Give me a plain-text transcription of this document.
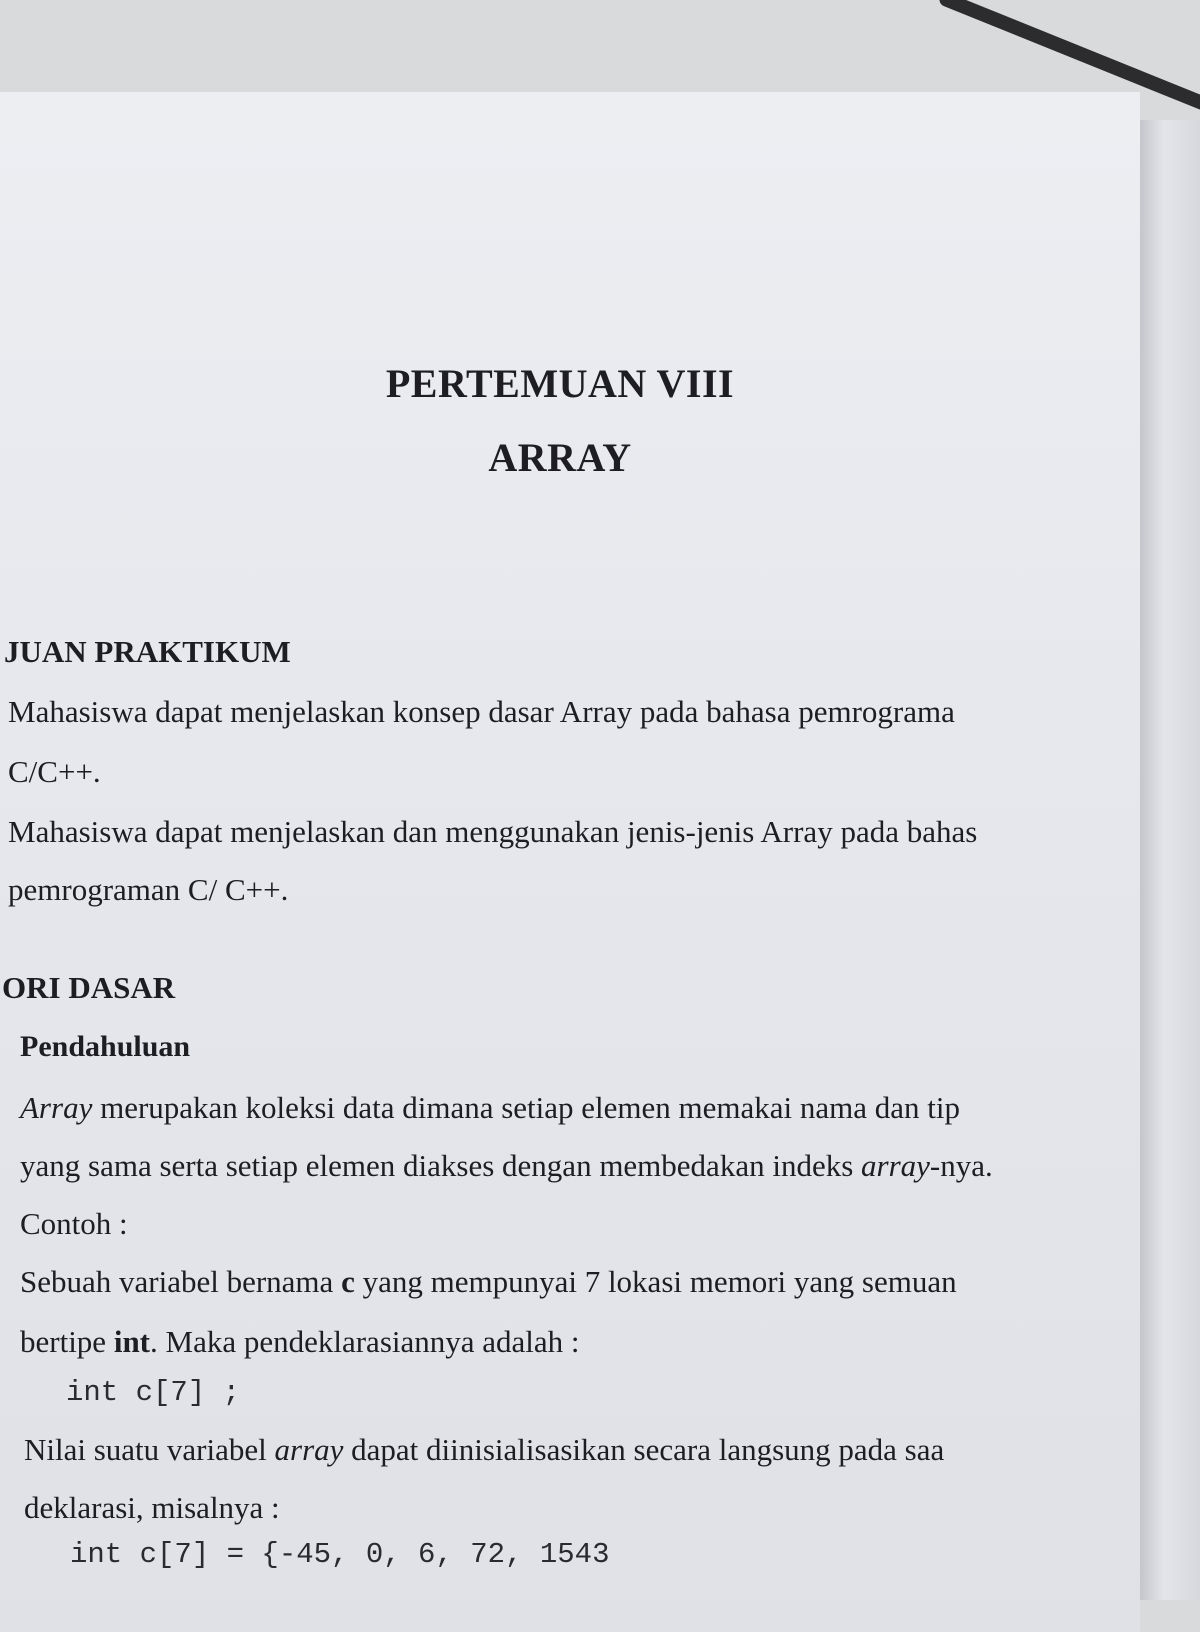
PERTEMUAN VIII
ARRAY
JUAN PRAKTIKUM
Mahasiswa dapat menjelaskan konsep dasar Array pada bahasa pemrograma
C/C++.
Mahasiswa dapat menjelaskan dan menggunakan jenis-jenis Array pada bahas
pemrograman C/ C++.
ORI DASAR
Pendahuluan
Array merupakan koleksi data dimana setiap elemen memakai nama dan tip
yang sama serta setiap elemen diakses dengan membedakan indeks array-nya.
Contoh :
Sebuah variabel bernama c yang mempunyai 7 lokasi memori yang semuan
bertipe int. Maka pendeklarasiannya adalah :
int c[7] ;
Nilai suatu variabel array dapat diinisialisasikan secara langsung pada saa
deklarasi, misalnya :
int c[7] = {-45, 0, 6, 72, 1543
